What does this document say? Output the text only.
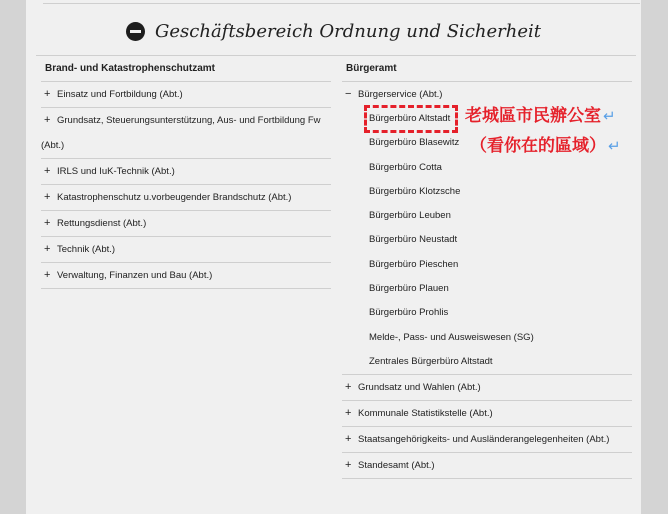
Geschäftsbereich Ordnung und Sicherheit
Brand- und Katastrophenschutzamt
+ Einsatz und Fortbildung (Abt.)
+ Grundsatz, Steuerungsunterstützung, Aus- und Fortbildung Fw
(Abt.)
+ IRLS und IuK-Technik (Abt.)
+ Katastrophenschutz u.vorbeugender Brandschutz (Abt.)
+ Rettungsdienst (Abt.)
+ Technik (Abt.)
+ Verwaltung, Finanzen und Bau (Abt.)
Bürgeramt
− Bürgerservice (Abt.)
Bürgerbüro Altstadt
Bürgerbüro Blasewitz
Bürgerbüro Cotta
Bürgerbüro Klotzsche
Bürgerbüro Leuben
Bürgerbüro Neustadt
Bürgerbüro Pieschen
Bürgerbüro Plauen
Bürgerbüro Prohlis
Melde-, Pass- und Ausweiswesen (SG)
Zentrales Bürgerbüro Altstadt
+ Grundsatz und Wahlen (Abt.)
+ Kommunale Statistikstelle (Abt.)
+ Staatsangehörigkeits- und Ausländerangelegenheiten (Abt.)
+ Standesamt (Abt.)
老城區市民辦公室 ↵
（看你在的區域） ↵
